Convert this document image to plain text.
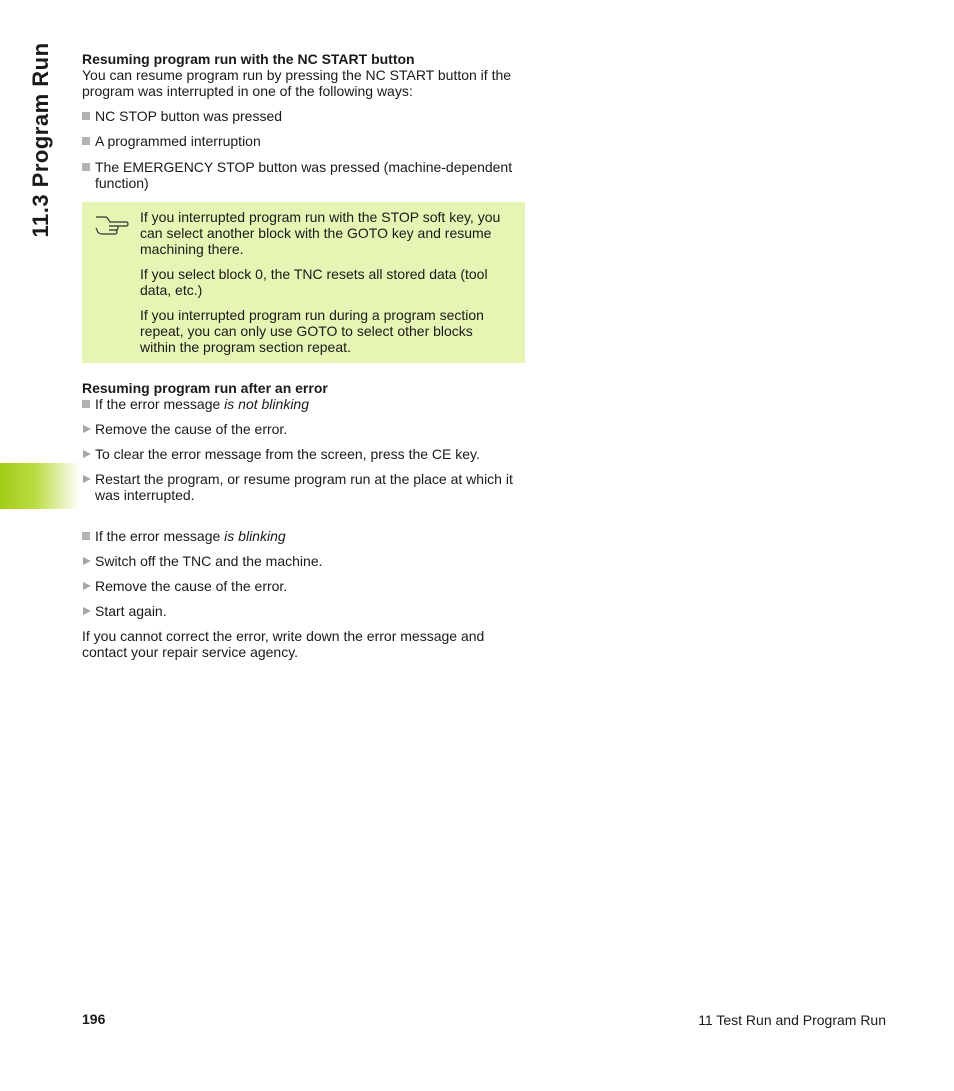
11.3 Program Run Resuming program run with the NC START button

You can resume program run by pressing the NC START button if the program was interrupted in one of the following ways:

NC STOP button was pressed
A programmed interruption
The EMERGENCY STOP button was pressed (machine-dependent function)

If you interrupted program run with the STOP soft key, you can select another block with the GOTO key and resume machining there.

If you select block 0, the TNC resets all stored data (tool data, etc.)

If you interrupted program run during a program section repeat, you can only use GOTO to select other blocks within the program section repeat.

Resuming program run after an error
If the error message is not blinking
Remove the cause of the error.
To clear the error message from the screen, press the CE key.
Restart the program, or resume program run at the place at which it was interrupted.
If the error message is blinking
Switch off the TNC and the machine.
Remove the cause of the error.
Start again.

If you cannot correct the error, write down the error message and contact your repair service agency.

196	11 Test Run and Program Run
